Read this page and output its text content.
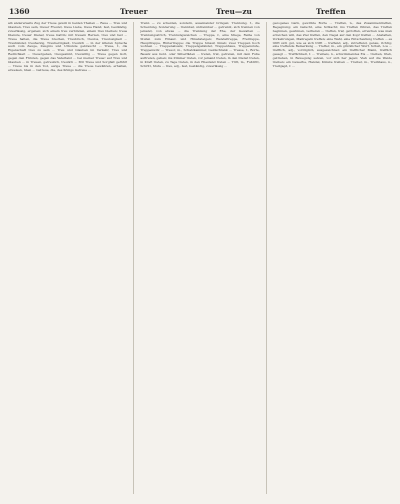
1360	Treuer	Treu—zu	Treffen

alb andererseits Zug der Treue gewiß in beiden Theilen ... Reue ... Treu und Glauben, Treu sein, treuer Freund, treue Liebe, treue Hand; fest, beständig, zuverlässig, ergeben; sich einem treu verbinden, einem treu bleiben; treue Dienste, treuer Diener, treue Gattin; mit treuem Herzen, treu und fest ... Treue halten, die Treue brechen, Treubruch, treulos, Treulosigkeit ... Treuhänder, treuherzig, Treuherzigkeit, treulich ... in der älteren Sprache auch vom Zeuge, Zeugnis und Urkunde gebraucht ... Treue, f., die Eigenschaft treu zu sein ... Treu und Glauben im Verkehr, Treu und Redlichkeit ... treuergeben, treugesinnt, treuwillig ... Treue gegen Gott, gegen den Fürsten, gegen das Vaterland ... bei meiner Treue! auf Treu und Glauben ... in Treuen, getreulich, treulich ... Mit Treue und Sorgfalt geführt ... Treue bis in den Tod, ewige Treue ... die Treue bewähren, erhalten, erweisen, üben ... Getreue, die, des Königs Getreue ...

Trenn — zu scheiden, sondern, auseinander bringen; Trennung, f., die Scheidung, Sonderung ... trennbar, untrennbar ... getrennt, sich trennen von jemand, von etwas ... die Trennung der Ehe, der Gewalten ... Trennungsstrich, Trennungszeichen ... Treppe, f., eine Stiege, Reihe von Stufen zum Hinauf- und Hinabsteigen; Wendeltreppe, Freitreppe, Haupttreppe, Hintertreppe; die Treppe hinauf, hinab; zwei Treppen hoch wohnen ... Treppenabsatz, Treppengeländer, Treppenhaus, Treppenstufe, Treppenwitz ... Tresor, m., Schatzkammer, Geldschrank ... Tresse, f., Borte, Besatz aus Gold- oder Silberfäden ... treten, trat, getreten, mit dem Fuße auftreten, gehen; ins Zimmer treten, vor jemand treten, in den Dienst treten, in Kraft treten, zu Tage treten, in den Ehestand treten ... Tritt, m., Fußtritt, Schritt, Stufe ... treu, adj., fest, beständig, zuverlässig ...

gezogenes Garn, gewirkte Borte ... Treffen, n., das Zusammentreffen, Begegnung; ein Gefecht, eine Schlacht; ins Treffen führen, das Treffen beginnen, gewinnen, verlieren ... treffen, traf, getroffen, erreichen was man erreichen will, das Ziel treffen, den Nagel auf den Kopf treffen ... Anstalten, Vorkehrungen, Maßregeln treffen; eine Wahl, eine Entscheidung treffen ... es trifft sich gut, wie es sich trifft ... treffend, adj., zutreffend, genau, richtig; eine treffende Bemerkung ... Treffer, m., ein glücklicher Wurf, Schuß, Los ... trefflich, adj., vorzüglich, ausgezeichnet; ein trefflicher Mann, trefflich gesagt ... Trefflichkeit, f. ... Treibeis, n., schwimmendes Eis ... treiben, trieb, getrieben, in Bewegung setzen, vor sich her jagen; Vieh auf die Weide treiben; ein Gewerbe, Handel, Künste treiben ... Treiber, m., Treibhaus, n., Treibjagd, f. ...
